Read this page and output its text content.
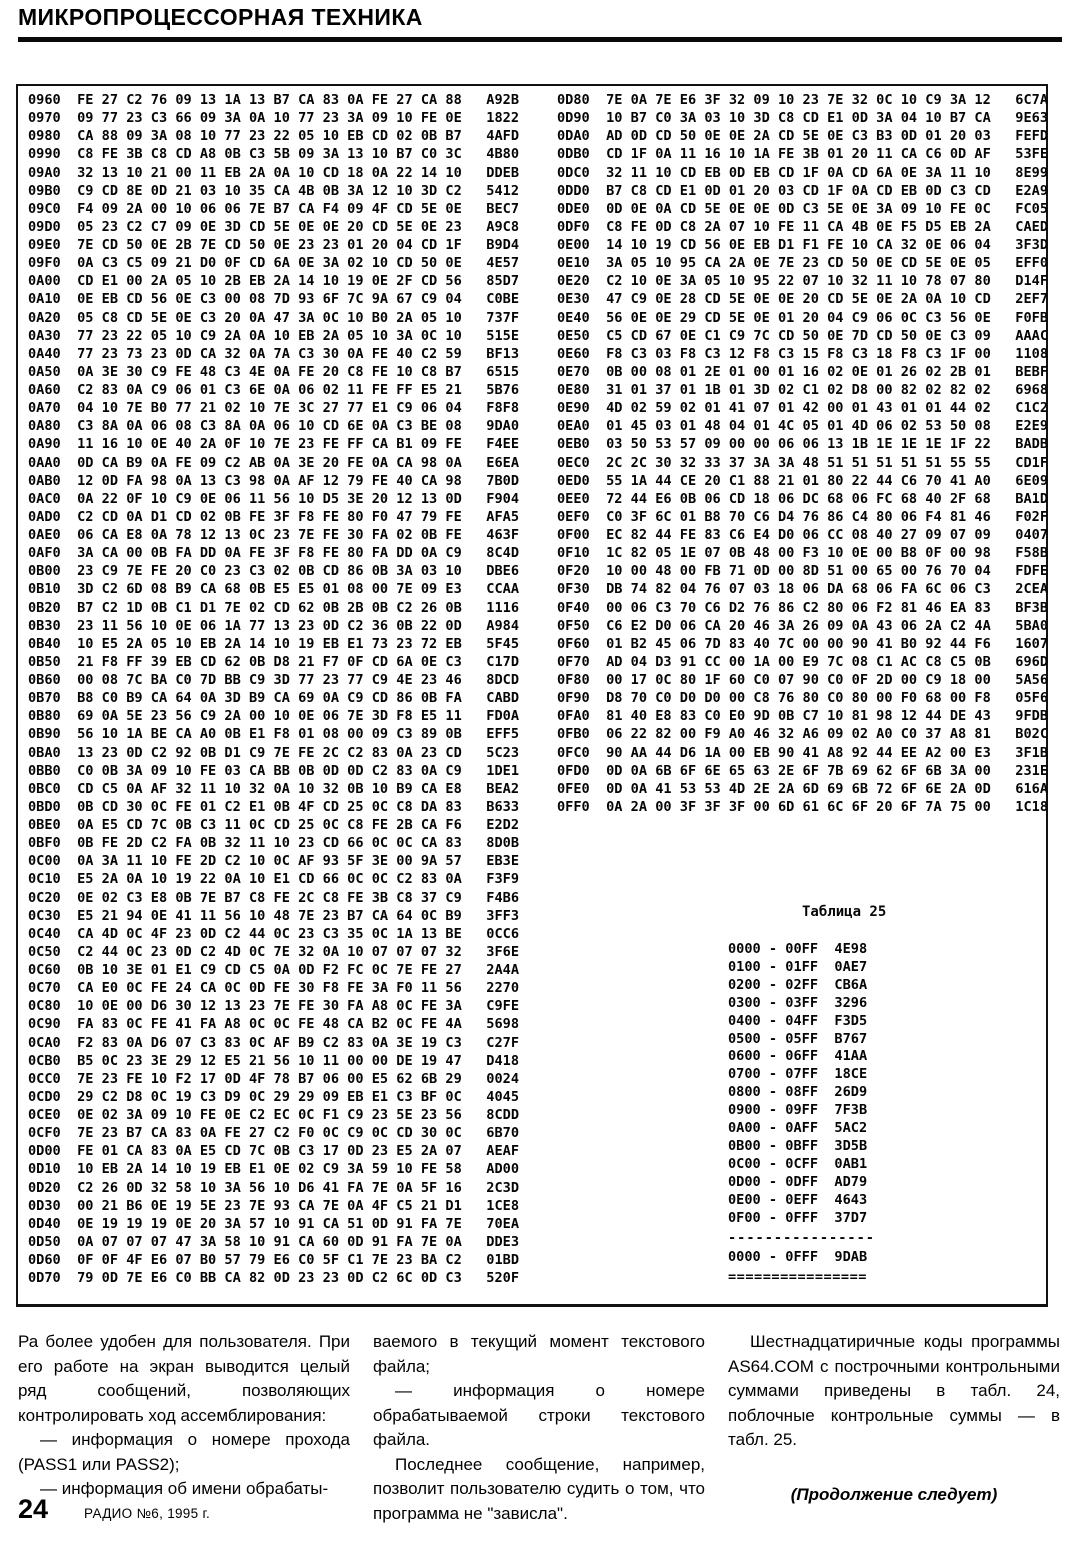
МИКРОПРОЦЕССОРНАЯ ТЕХНИКА
0960  FE 27 C2 76 09 13 1A 13 B7 CA 83 0A FE 27 CA 88   A92B
0970  09 77 23 C3 66 09 3A 0A 10 77 23 3A 09 10 FE 0E   1822
0980  CA 88 09 3A 08 10 77 23 22 05 10 EB CD 02 0B B7   4AFD
0990  C8 FE 3B C8 CD A8 0B C3 5B 09 3A 13 10 B7 C0 3C   4B80
09A0  32 13 10 21 00 11 EB 2A 0A 10 CD 18 0A 22 14 10   DDEB
09B0  C9 CD 8E 0D 21 03 10 35 CA 4B 0B 3A 12 10 3D C2   5412
09C0  F4 09 2A 00 10 06 06 7E B7 CA F4 09 4F CD 5E 0E   BEC7
09D0  05 23 C2 C7 09 0E 3D CD 5E 0E 0E 20 CD 5E 0E 23   A9C8
09E0  7E CD 50 0E 2B 7E CD 50 0E 23 23 01 20 04 CD 1F   B9D4
09F0  0A C3 C5 09 21 D0 0F CD 6A 0E 3A 02 10 CD 50 0E   4E57
0A00  CD E1 00 2A 05 10 2B EB 2A 14 10 19 0E 2F CD 56   85D7
0A10  0E EB CD 56 0E C3 00 08 7D 93 6F 7C 9A 67 C9 04   C0BE
0A20  05 C8 CD 5E 0E C3 20 0A 47 3A 0C 10 B0 2A 05 10   737F
0A30  77 23 22 05 10 C9 2A 0A 10 EB 2A 05 10 3A 0C 10   515E
0A40  77 23 73 23 0D CA 32 0A 7A C3 30 0A FE 40 C2 59   BF13
0A50  0A 3E 30 C9 FE 48 C3 4E 0A FE 20 C8 FE 10 C8 B7   6515
0A60  C2 83 0A C9 06 01 C3 6E 0A 06 02 11 FE FF E5 21   5B76
0A70  04 10 7E B0 77 21 02 10 7E 3C 27 77 E1 C9 06 04   F8F8
0A80  C3 8A 0A 06 08 C3 8A 0A 06 10 CD 6E 0A C3 BE 08   9DA0
0A90  11 16 10 0E 40 2A 0F 10 7E 23 FE FF CA B1 09 FE   F4EE
0AA0  0D CA B9 0A FE 09 C2 AB 0A 3E 20 FE 0A CA 98 0A   E6EA
0AB0  12 0D FA 98 0A 13 C3 98 0A AF 12 79 FE 40 CA 98   7B0D
0AC0  0A 22 0F 10 C9 0E 06 11 56 10 D5 3E 20 12 13 0D   F904
0AD0  C2 CD 0A D1 CD 02 0B FE 3F F8 FE 80 F0 47 79 FE   AFA5
0AE0  06 CA E8 0A 78 12 13 0C 23 7E FE 30 FA 02 0B FE   463F
0AF0  3A CA 00 0B FA DD 0A FE 3F F8 FE 80 FA DD 0A C9   8C4D
0B00  23 C9 7E FE 20 C0 23 C3 02 0B CD 86 0B 3A 03 10   DBE6
0B10  3D C2 6D 08 B9 CA 68 0B E5 E5 01 08 00 7E 09 E3   CCAA
0B20  B7 C2 1D 0B C1 D1 7E 02 CD 62 0B 2B 0B C2 26 0B   1116
0B30  23 11 56 10 0E 06 1A 77 13 23 0D C2 36 0B 22 0D   A984
0B40  10 E5 2A 05 10 EB 2A 14 10 19 EB E1 73 23 72 EB   5F45
0B50  21 F8 FF 39 EB CD 62 0B D8 21 F7 0F CD 6A 0E C3   C17D
0B60  00 08 7C BA C0 7D BB C9 3D 77 23 77 C9 4E 23 46   8DCD
0B70  B8 C0 B9 CA 64 0A 3D B9 CA 69 0A C9 CD 86 0B FA   CABD
0B80  69 0A 5E 23 56 C9 2A 00 10 0E 06 7E 3D F8 E5 11   FD0A
0B90  56 10 1A BE CA A0 0B E1 F8 01 08 00 09 C3 89 0B   EFF5
0BA0  13 23 0D C2 92 0B D1 C9 7E FE 2C C2 83 0A 23 CD   5C23
0BB0  C0 0B 3A 09 10 FE 03 CA BB 0B 0D 0D C2 83 0A C9   1DE1
0BC0  CD C5 0A AF 32 11 10 32 0A 10 32 0B 10 B9 CA E8   BEA2
0BD0  0B CD 30 0C FE 01 C2 E1 0B 4F CD 25 0C C8 DA 83   B633
0BE0  0A E5 CD 7C 0B C3 11 0C CD 25 0C C8 FE 2B CA F6   E2D2
0BF0  0B FE 2D C2 FA 0B 32 11 10 23 CD 66 0C 0C CA 83   8D0B
0C00  0A 3A 11 10 FE 2D C2 10 0C AF 93 5F 3E 00 9A 57   EB3E
0C10  E5 2A 0A 10 19 22 0A 10 E1 CD 66 0C 0C C2 83 0A   F3F9
0C20  0E 02 C3 E8 0B 7E B7 C8 FE 2C C8 FE 3B C8 37 C9   F4B6
0C30  E5 21 94 0E 41 11 56 10 48 7E 23 B7 CA 64 0C B9   3FF3
0C40  CA 4D 0C 4F 23 0D C2 44 0C 23 C3 35 0C 1A 13 BE   0CC6
0C50  C2 44 0C 23 0D C2 4D 0C 7E 32 0A 10 07 07 07 32   3F6E
0C60  0B 10 3E 01 E1 C9 CD C5 0A 0D F2 FC 0C 7E FE 27   2A4A
0C70  CA E0 0C FE 24 CA 0C 0D FE 30 F8 FE 3A F0 11 56   2270
0C80  10 0E 00 D6 30 12 13 23 7E FE 30 FA A8 0C FE 3A   C9FE
0C90  FA 83 0C FE 41 FA A8 0C 0C FE 48 CA B2 0C FE 4A   5698
0CA0  F2 83 0A D6 07 C3 83 0C AF B9 C2 83 0A 3E 19 C3   C27F
0CB0  B5 0C 23 3E 29 12 E5 21 56 10 11 00 00 DE 19 47   D418
0CC0  7E 23 FE 10 F2 17 0D 4F 78 B7 06 00 E5 62 6B 29   0024
0CD0  29 C2 D8 0C 19 C3 D9 0C 29 29 09 EB E1 C3 BF 0C   4045
0CE0  0E 02 3A 09 10 FE 0E C2 EC 0C F1 C9 23 5E 23 56   8CDD
0CF0  7E 23 B7 CA 83 0A FE 27 C2 F0 0C C9 0C CD 30 0C   6B70
0D00  FE 01 CA 83 0A E5 CD 7C 0B C3 17 0D 23 E5 2A 07   AEAF
0D10  10 EB 2A 14 10 19 EB E1 0E 02 C9 3A 59 10 FE 58   AD00
0D20  C2 26 0D 32 58 10 3A 56 10 D6 41 FA 7E 0A 5F 16   2C3D
0D30  00 21 B6 0E 19 5E 23 7E 93 CA 7E 0A 4F C5 21 D1   1CE8
0D40  0E 19 19 19 0E 20 3A 57 10 91 CA 51 0D 91 FA 7E   70EA
0D50  0A 07 07 07 47 3A 58 10 91 CA 60 0D 91 FA 7E 0A   DDE3
0D60  0F 0F 4F E6 07 B0 57 79 E6 C0 5F C1 7E 23 BA C2   01BD
0D70  79 0D 7E E6 C0 BB CA 82 0D 23 23 0D C2 6C 0D C3   520F
0D80  7E 0A 7E E6 3F 32 09 10 23 7E 32 0C 10 C9 3A 12   6C7A
0D90  10 B7 C0 3A 03 10 3D C8 CD E1 0D 3A 04 10 B7 CA   9E63
0DA0  AD 0D CD 50 0E 0E 2A CD 5E 0E C3 B3 0D 01 20 03   FEFD
0DB0  CD 1F 0A 11 16 10 1A FE 3B 01 20 11 CA C6 0D AF   53FE
0DC0  32 11 10 CD EB 0D EB CD 1F 0A CD 6A 0E 3A 11 10   8E99
0DD0  B7 C8 CD E1 0D 01 20 03 CD 1F 0A CD EB 0D C3 CD   E2A9
0DE0  0D 0E 0A CD 5E 0E 0E 0D C3 5E 0E 3A 09 10 FE 0C   FC05
0DF0  C8 FE 0D C8 2A 07 10 FE 11 CA 4B 0E F5 D5 EB 2A   CAED
0E00  14 10 19 CD 56 0E EB D1 F1 FE 10 CA 32 0E 06 04   3F3D
0E10  3A 05 10 95 CA 2A 0E 7E 23 CD 50 0E CD 5E 0E 05   EFF0
0E20  C2 10 0E 3A 05 10 95 22 07 10 32 11 10 78 07 80   D14F
0E30  47 C9 0E 28 CD 5E 0E 0E 20 CD 5E 0E 2A 0A 10 CD   2EF7
0E40  56 0E 0E 29 CD 5E 0E 01 20 04 C9 06 0C C3 56 0E   F0FB
0E50  C5 CD 67 0E C1 C9 7C CD 50 0E 7D CD 50 0E C3 09   AAAC
0E60  F8 C3 03 F8 C3 12 F8 C3 15 F8 C3 18 F8 C3 1F 00   1108
0E70  0B 00 08 01 2E 01 00 01 16 02 0E 01 26 02 2B 01   BEBF
0E80  31 01 37 01 1B 01 3D 02 C1 02 D8 00 82 02 82 02   6968
0E90  4D 02 59 02 01 41 07 01 42 00 01 43 01 01 44 02   C1C2
0EA0  01 45 03 01 48 04 01 4C 05 01 4D 06 02 53 50 08   E2E9
0EB0  03 50 53 57 09 00 00 06 06 13 1B 1E 1E 1E 1F 22   BADB
0EC0  2C 2C 30 32 33 37 3A 3A 48 51 51 51 51 51 55 55   CD1F
0ED0  55 1A 44 CE 20 C1 88 21 01 80 22 44 C6 70 41 A0   6E09
0EE0  72 44 E6 0B 06 CD 18 06 DC 68 06 FC 68 40 2F 68   BA1D
0EF0  C0 3F 6C 01 B8 70 C6 D4 76 86 C4 80 06 F4 81 46   F02F
0F00  EC 82 44 FE 83 C6 E4 D0 06 CC 08 40 27 09 07 09   0407
0F10  1C 82 05 1E 07 0B 48 00 F3 10 0E 00 B8 0F 00 98   F58B
0F20  10 00 48 00 FB 71 0D 00 8D 51 00 65 00 76 70 04   FDFE
0F30  DB 74 82 04 76 07 03 18 06 DA 68 06 FA 6C 06 C3   2CEA
0F40  00 06 C3 70 C6 D2 76 86 C2 80 06 F2 81 46 EA 83   BF3B
0F50  C6 E2 D0 06 CA 20 46 3A 26 09 0A 43 06 2A C2 4A   5BA0
0F60  01 B2 45 06 7D 83 40 7C 00 00 90 41 B0 92 44 F6   1607
0F70  AD 04 D3 91 CC 00 1A 00 E9 7C 08 C1 AC C8 C5 0B   696D
0F80  00 17 0C 80 1F 60 C0 07 90 C0 0F 2D 00 C9 18 00   5A56
0F90  D8 70 C0 D0 D0 00 C8 76 80 C0 80 00 F0 68 00 F8   05F6
0FA0  81 40 E8 83 C0 E0 9D 0B C7 10 81 98 12 44 DE 43   9FDB
0FB0  06 22 82 00 F9 A0 46 32 A6 09 02 A0 C0 37 A8 81   B02C
0FC0  90 AA 44 D6 1A 00 EB 90 41 A8 92 44 EE A2 00 E3   3F1B
0FD0  0D 0A 6B 6F 6E 65 63 2E 6F 7B 69 62 6F 6B 3A 00   231E
0FE0  0D 0A 41 53 53 4D 2E 2A 6D 69 6B 72 6F 6E 2A 0D   616A
0FF0  0A 2A 00 3F 3F 3F 00 6D 61 6C 6F 20 6F 7A 75 00   1C18
Таблица 25
0000 - 00FF  4E98
0100 - 01FF  0AE7
0200 - 02FF  CB6A
0300 - 03FF  3296
0400 - 04FF  F3D5
0500 - 05FF  B767
0600 - 06FF  41AA
0700 - 07FF  18CE
0800 - 08FF  26D9
0900 - 09FF  7F3B
0A00 - 0AFF  5AC2
0B00 - 0BFF  3D5B
0C00 - 0CFF  0AB1
0D00 - 0DFF  AD79
0E00 - 0EFF  4643
0F00 - 0FFF  37D7
----------------
0000 - 0FFF  9DAB
================

Ра более удобен для пользователя. При его работе на экран выводится целый ряд сообщений, позволяющих контролировать ход ассемблирования:

— информация о номере прохода (PASS1 или PASS2);

— информация об имени обрабаты-

ваемого в текущий момент текстового файла;

— информация о номере обрабатываемой строки текстового файла.

Последнее сообщение, например, позволит пользователю судить о том, что программа не "зависла".

Шестнадцатиричные коды программы AS64.COM с построчными контрольными суммами приведены в табл. 24, поблочные контрольные суммы — в табл. 25.

(Продолжение следует)

24	РАДИО №6, 1995 г.
